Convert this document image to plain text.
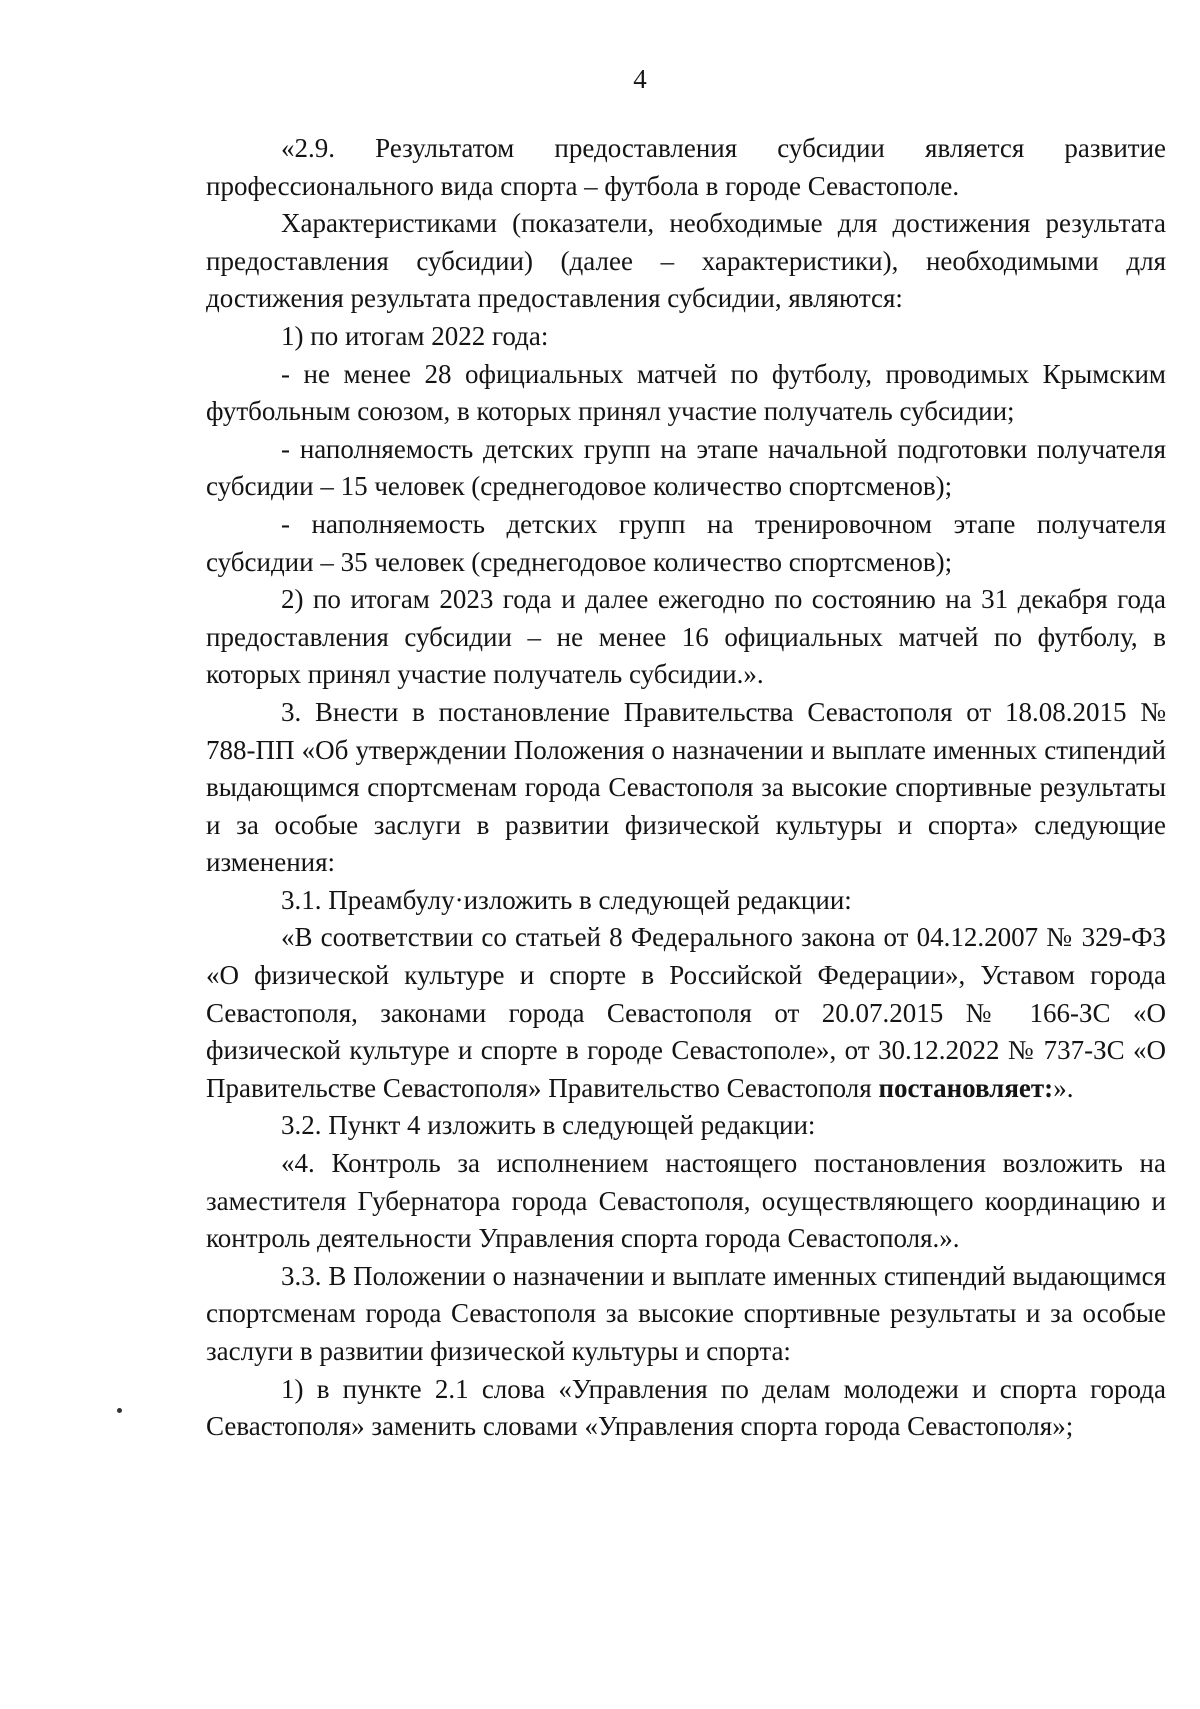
4

«2.9. Результатом предоставления субсидии является развитие профессионального вида спорта – футбола в городе Севастополе.

Характеристиками (показатели, необходимые для достижения результата предоставления субсидии) (далее – характеристики), необходимыми для достижения результата предоставления субсидии, являются:

1) по итогам 2022 года:

- не менее 28 официальных матчей по футболу, проводимых Крымским футбольным союзом, в которых принял участие получатель субсидии;

- наполняемость детских групп на этапе начальной подготовки получателя субсидии – 15 человек (среднегодовое количество спортсменов);

- наполняемость детских групп на тренировочном этапе получателя субсидии – 35 человек (среднегодовое количество спортсменов);

2) по итогам 2023 года и далее ежегодно по состоянию на 31 декабря года предоставления субсидии – не менее 16 официальных матчей по футболу, в которых принял участие получатель субсидии.».

3. Внести в постановление Правительства Севастополя от 18.08.2015 № 788-ПП «Об утверждении Положения о назначении и выплате именных стипендий выдающимся спортсменам города Севастополя за высокие спортивные результаты и за особые заслуги в развитии физической культуры и спорта» следующие изменения:

3.1. Преамбулу·изложить в следующей редакции:

«В соответствии со статьей 8 Федерального закона от 04.12.2007 № 329-ФЗ «О физической культуре и спорте в Российской Федерации», Уставом города Севастополя, законами города Севастополя от 20.07.2015 № 166-ЗС «О физической культуре и спорте в городе Севастополе», от 30.12.2022 № 737-ЗС «О Правительстве Севастополя» Правительство Севастополя постановляет:».

3.2. Пункт 4 изложить в следующей редакции:

«4. Контроль за исполнением настоящего постановления возложить на заместителя Губернатора города Севастополя, осуществляющего координацию и контроль деятельности Управления спорта города Севастополя.».

3.3. В Положении о назначении и выплате именных стипендий выдающимся спортсменам города Севастополя за высокие спортивные результаты и за особые заслуги в развитии физической культуры и спорта:

1) в пункте 2.1 слова «Управления по делам молодежи и спорта города Севастополя» заменить словами «Управления спорта города Севастополя»;
